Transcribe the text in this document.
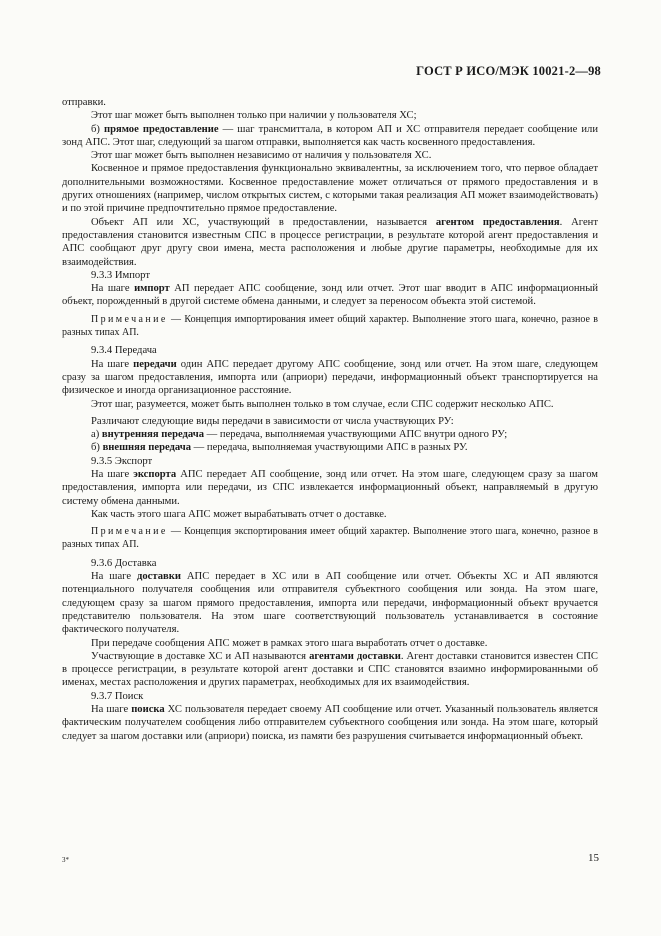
ГОСТ Р ИСО/МЭК 10021-2—98

отправки.

Этот шаг может быть выполнен только при наличии у пользователя ХС;

б) прямое предоставление — шаг трансмиттала, в котором АП и ХС отправителя передает сообщение или зонд АПС. Этот шаг, следующий за шагом отправки, выполняется как часть косвенного предоставления.

Этот шаг может быть выполнен независимо от наличия у пользователя ХС.

Косвенное и прямое предоставления функционально эквивалентны, за исключением того, что первое обладает дополнительными возможностями. Косвенное предоставление может отличаться от прямого предоставления и в других отношениях (например, числом открытых систем, с которыми такая реализация АП может взаимодействовать) и по этой причине предпочтительно прямое предоставление.

Объект АП или ХС, участвующий в предоставлении, называется агентом предоставления. Агент предоставления становится известным СПС в процессе регистрации, в результате которой агент предоставления и АПС сообщают друг другу свои имена, места расположения и любые другие параметры, необходимые для их взаимодействия.

9.3.3 Импорт

На шаге импорт АП передает АПС сообщение, зонд или отчет. Этот шаг вводит в АПС информационный объект, порожденный в другой системе обмена данными, и следует за переносом объекта этой системой.

Примечание — Концепция импортирования имеет общий характер. Выполнение этого шага, конечно, разное в разных типах АП.

9.3.4 Передача

На шаге передачи один АПС передает другому АПС сообщение, зонд или отчет. На этом шаге, следующем сразу за шагом предоставления, импорта или (априори) передачи, информационный объект транспортируется на физическое и иногда организационное расстояние.

Этот шаг, разумеется, может быть выполнен только в том случае, если СПС содержит несколько АПС.

Различают следующие виды передачи в зависимости от числа участвующих РУ:

а) внутренняя передача — передача, выполняемая участвующими АПС внутри одного РУ;

б) внешняя передача — передача, выполняемая участвующими АПС в разных РУ.

9.3.5 Экспорт

На шаге экспорта АПС передает АП сообщение, зонд или отчет. На этом шаге, следующем сразу за шагом предоставления, импорта или передачи, из СПС извлекается информационный объект, направляемый в другую систему обмена данными.

Как часть этого шага АПС может вырабатывать отчет о доставке.

Примечание — Концепция экспортирования имеет общий характер. Выполнение этого шага, конечно, разное в разных типах АП.

9.3.6 Доставка

На шаге доставки АПС передает в ХС или в АП сообщение или отчет. Объекты ХС и АП являются потенциального получателя сообщения или отправителя субъектного сообщения или зонда. На этом шаге, следующем сразу за шагом прямого предоставления, импорта или передачи, информационный объект вручается представителю пользователя. На этом шаге соответствующий пользователь устанавливается в состояние фактического получателя.

При передаче сообщения АПС может в рамках этого шага выработать отчет о доставке.

Участвующие в доставке ХС и АП называются агентами доставки. Агент доставки становится известен СПС в процессе регистрации, в результате которой агент доставки и СПС становятся взаимно информированными об именах, местах расположения и других параметрах, необходимых для их взаимодействия.

9.3.7 Поиск

На шаге поиска ХС пользователя передает своему АП сообщение или отчет. Указанный пользователь является фактическим получателем сообщения либо отправителем субъектного сообщения или зонда. На этом шаге, который следует за шагом доставки или (априори) поиска, из памяти без разрушения считывается информационный объект.

3*	15
